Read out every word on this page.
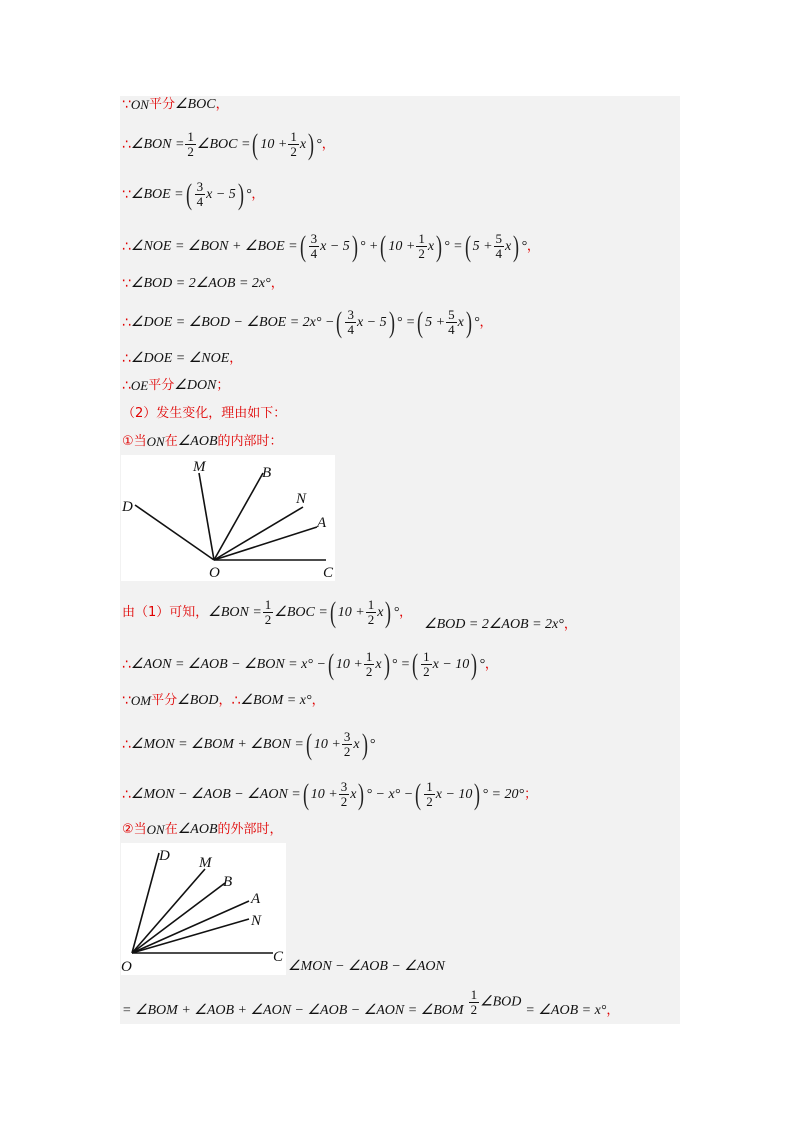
∵ ON 平分 ∠BOC ，
∴ ∠BON = $\frac{1}{2}$ ∠BOC = ( $10 + \frac{1}{2}$ x ) ° ，
∵ ∠BOE = ( $\frac{3}{4}$ x − 5 ) ° ，
∴ ∠NOE = ∠BON + ∠BOE = ( $\frac{3}{4}$ x − 5 ) ° + ( $10 + \frac{1}{2}$ x ) ° = ( $5 + \frac{5}{4}$ x ) ° ，
∵ ∠BOD = 2∠AOB = 2x° ，
∴ ∠DOE = ∠BOD − ∠BOE = 2x° − ( $\frac{3}{4}$ x − 5 ) ° = ( $5 + \frac{5}{4}$ x ) ° ，
∴ ∠DOE = ∠NOE ，
∴ OE 平分 ∠DON ；
（2）发生变化，理由如下：
①当 ON 在 ∠AOB 的内部时：
M	B
N
A
D
O	C
由（1）可知， ∠BON = $\frac{1}{2}$ ∠BOC = ( $10 + \frac{1}{2}$ x ) ° ，
∠BOD = 2∠AOB = 2x° ，
∴ ∠AON = ∠AOB − ∠BON = x° − ( $10 + \frac{1}{2}$ x ) ° = ( $\frac{1}{2}$ x − 10 ) ° ，
∵ OM 平分 ∠BOD ， ∴ ∠BOM = x° ，
∴ ∠MON = ∠BOM + ∠BON = ( $10 + \frac{3}{2}$ x ) °
∴ ∠MON − ∠AOB − ∠AON = ( $10 + \frac{3}{2}$ x ) ° − x° − ( $\frac{1}{2}$ x − 10 ) ° = 20° ；
②当 ON 在 ∠AOB 的外部时，
D M
B
A
N
O
C
∠MON − ∠AOB − ∠AON
= ∠BOM + ∠AOB + ∠AON − ∠AOB − ∠AON = ∠BOM $\frac{1}{2}$ ∠BOD
= ∠AOB = x° ，
